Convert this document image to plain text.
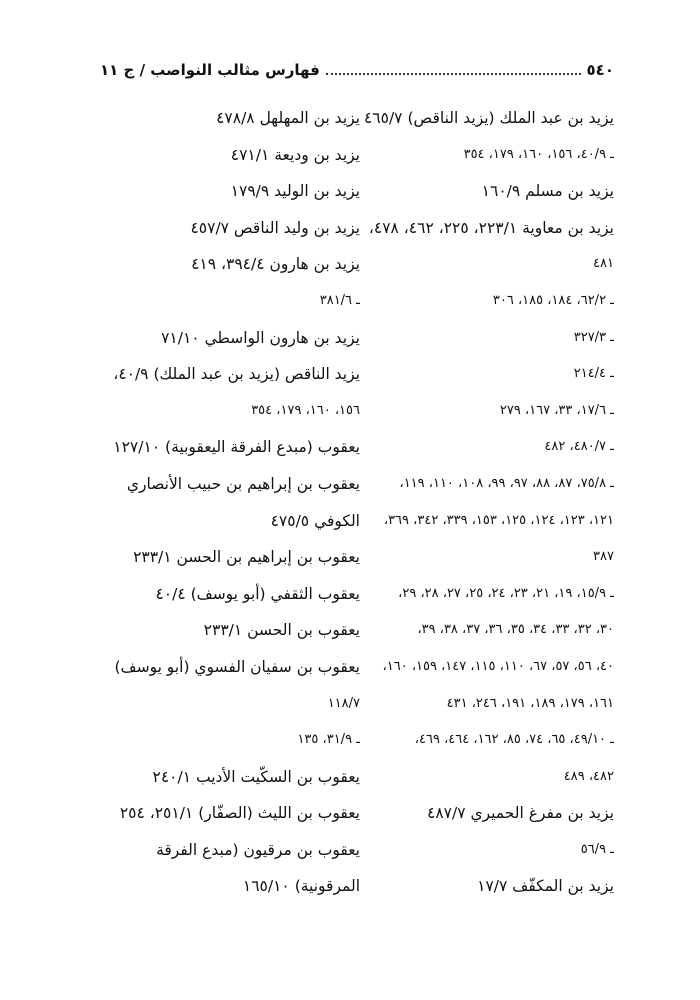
٥٤٠
فهارس مثالب النواصب / ج ١١
يزيد بن عبد الملك (يزيد الناقص) ٤٦٥/٧
ـ ٤٠/٩، ١٥٦، ١٦٠، ١٧٩، ٣٥٤
يزيد بن مسلم ١٦٠/٩
يزيد بن معاوية ٢٢٣/١، ٢٢٥، ٤٦٢، ٤٧٨،
٤٨١
ـ ٦٢/٢، ١٨٤، ١٨٥، ٣٠٦
ـ ٣٢٧/٣
ـ ٢١٤/٤
ـ ١٧/٦، ٣٣، ١٦٧، ٢٧٩
ـ ٤٨٠/٧، ٤٨٢
ـ ٧٥/٨، ٨٧، ٨٨، ٩٧، ٩٩، ١٠٨، ١١٠، ١١٩،
١٢١، ١٢٣، ١٢٤، ١٢٥، ١٥٣، ٣٣٩، ٣٤٢، ٣٦٩،
٣٨٧
ـ ١٥/٩، ١٩، ٢١، ٢٣، ٢٤، ٢٥، ٢٧، ٢٨، ٢٩،
٣٠، ٣٢، ٣٣، ٣٤، ٣٥، ٣٦، ٣٧، ٣٨، ٣٩،
٤٠، ٥٦، ٥٧، ٦٧، ١١٠، ١١٥، ١٤٧، ١٥٩، ١٦٠،
١٦١، ١٧٩، ١٨٩، ١٩١، ٢٤٦، ٤٣١
ـ ٤٩/١٠، ٦٥، ٧٤، ٨٥، ١٦٢، ٤٦٤، ٤٦٩،
٤٨٢، ٤٨٩
يزيد بن مفرغ الحميري ٤٨٧/٧
ـ ٥٦/٩
يزيد بن المكفّف ١٧/٧
يزيد بن المهلهل ٤٧٨/٨
يزيد بن وديعة ٤٧١/١
يزيد بن الوليد ١٧٩/٩
يزيد بن وليد الناقص ٤٥٧/٧
يزيد بن هارون ٣٩٤/٤، ٤١٩
ـ ٣٨١/٦
يزيد بن هارون الواسطي ٧١/١٠
يزيد الناقص (يزيد بن عبد الملك) ٤٠/٩،
١٥٦، ١٦٠، ١٧٩، ٣٥٤
يعقوب (مبدع الفرقة اليعقوبية) ١٢٧/١٠
يعقوب بن إبراهيم بن حبيب الأنصاري
الكوفي ٤٧٥/٥
يعقوب بن إبراهيم بن الحسن ٢٣٣/١
يعقوب الثقفي (أبو يوسف) ٤٠/٤
يعقوب بن الحسن ٢٣٣/١
يعقوب بن سفيان الفسوي (أبو يوسف)
١١٨/٧
ـ ٣١/٩، ١٣٥
يعقوب بن السكّيت الأديب ٢٤٠/١
يعقوب بن الليث (الصفّار) ٢٥١/١، ٢٥٤
يعقوب بن مرقيون (مبدع الفرقة
المرقونية) ١٦٥/١٠
